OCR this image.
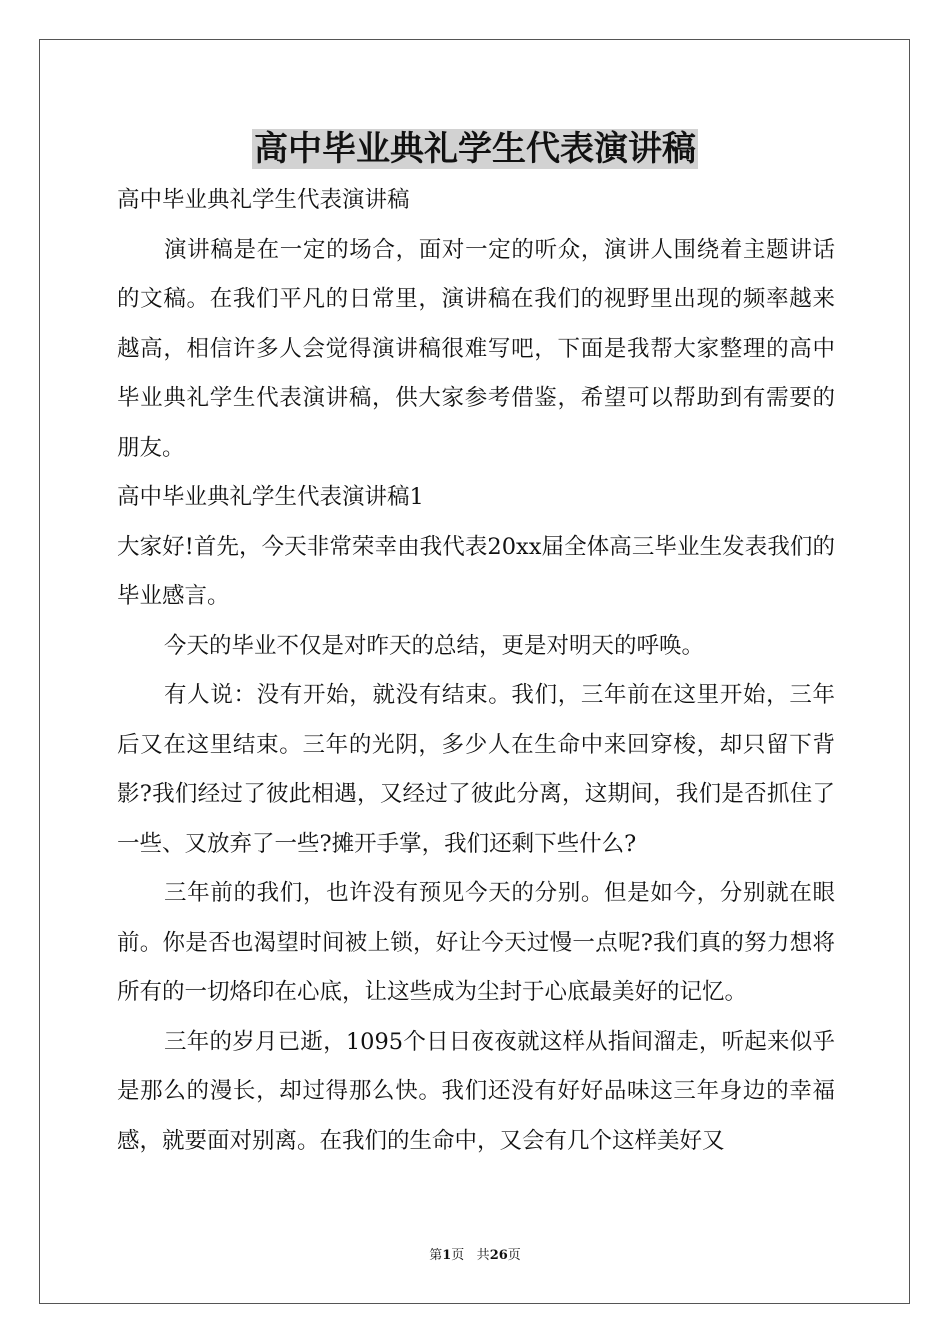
高中毕业典礼学生代表演讲稿

高中毕业典礼学生代表演讲稿

演讲稿是在一定的场合，面对一定的听众，演讲人围绕着主题讲话的文稿。在我们平凡的日常里，演讲稿在我们的视野里出现的频率越来越高，相信许多人会觉得演讲稿很难写吧，下面是我帮大家整理的高中毕业典礼学生代表演讲稿，供大家参考借鉴，希望可以帮助到有需要的朋友。

高中毕业典礼学生代表演讲稿1

大家好!首先，今天非常荣幸由我代表20xx届全体高三毕业生发表我们的毕业感言。

今天的毕业不仅是对昨天的总结，更是对明天的呼唤。

有人说：没有开始，就没有结束。我们，三年前在这里开始，三年后又在这里结束。三年的光阴，多少人在生命中来回穿梭，却只留下背影?我们经过了彼此相遇，又经过了彼此分离，这期间，我们是否抓住了一些、又放弃了一些?摊开手掌，我们还剩下些什么?

三年前的我们，也许没有预见今天的分别。但是如今，分别就在眼前。你是否也渴望时间被上锁，好让今天过慢一点呢?我们真的努力想将所有的一切烙印在心底，让这些成为尘封于心底最美好的记忆。

三年的岁月已逝，1095个日日夜夜就这样从指间溜走，听起来似乎是那么的漫长，却过得那么快。我们还没有好好品味这三年身边的幸福感，就要面对别离。在我们的生命中，又会有几个这样美好又

第1页 共26页
